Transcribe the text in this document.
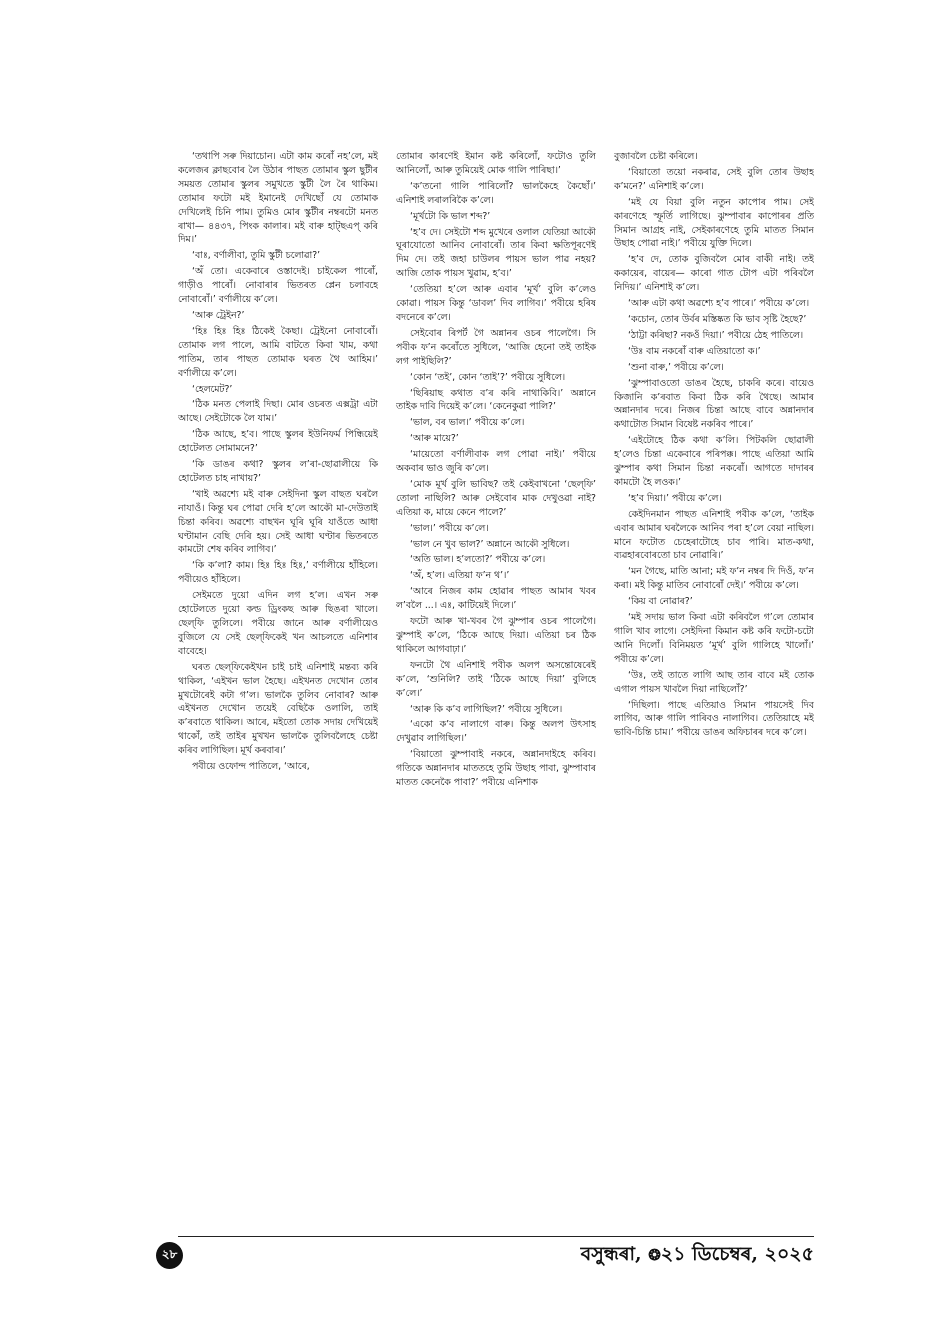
‘তথাপি সৰু দিয়াচোন। এটা কাম কৰোঁ নহ’লে, মই কলেজৰ ক্লাছবোৰ লৈ উঠাৰ পাছত তোমাৰ স্কুল ছুটীৰ সময়ত তোমাৰ স্কুলৰ সমুখতে স্কুটী লৈ ৰৈ থাকিম। তোমাৰ ফটো মই ইমানেই দেখিছোঁ যে তোমাক দেখিলেই চিনি পাম। তুমিও মোৰ স্কুটীৰ নম্বৰটো মনত ৰাখা— ৪৪৩৭, পিংক কালাৰ। মই বাৰু হাট্‌ছএপ্ কৰি দিম।’

‘বাঃ, বৰ্ণালীবা, তুমি স্কুটী চলোৱা?’

‘অঁ তো। একেবাৰে ওস্তাদেই। চাইকেল পাৰোঁ, গাড়ীও পাৰোঁ। নোবাৰাৰ ভিতৰত প্লেন চলাবহে নোবাৰোঁ।’ বৰ্ণালীয়ে ক’লে।

‘আৰু ট্ৰেইন?’

‘হিঃ হিঃ হিঃ ঠিকেই কৈছা। ট্ৰেইনো নোবাৰোঁ। তোমাক লগ পালে, আমি বাটতে কিবা খাম, কথা পাতিম, তাৰ পাছত তোমাক ঘৰত থৈ আহিম।’ বৰ্ণালীয়ে ক’লে।

‘হেলমেট?’

‘ঠিক মনত পেলাই দিছা। মোৰ ওচৰত এক্সট্ৰা এটা আছে। সেইটোকে লৈ যাম।’

‘ঠিক আছে, হ’ব। পাছে স্কুলৰ ইউনিফৰ্ম পিন্ধিয়েই হোটেলত সোমামনে?’

‘কি ডাঙৰ কথা? স্কুলৰ ল’ৰা-ছোৱালীয়ে কি হোটেলত চাহ নাখায়?’

‘খাই অৱশ্যে মই বাৰু সেইদিনা স্কুল বাছত ঘৰলৈ নাযাওঁ। কিন্তু ঘৰ পোৱা দেৰি হ’লে আকৌ মা-দেউতাই চিন্তা কৰিব। অৱশ্যে বাছখন ঘূৰি ঘূৰি যাওঁতে আধা ঘণ্টামান বেছি দেৰি হয়। সেই আধা ঘণ্টাৰ ভিতৰতে কামটো শেষ কৰিব লাগিব।’

‘কি ক’লা? কাম। হিঃ হিঃ হিঃ,’ বৰ্ণালীয়ে হাঁহিলে। পবীয়েও হাঁহিলে।

সেইমতে দুয়ো এদিন লগ হ’ল। এখন সৰু হোটেলতে দুয়ো কল্ড ড্ৰিংকছ আৰু ছিঙৰা খালে। ছেল্‌ফি তুলিলে। পবীয়ে জানে আৰু বৰ্ণালীয়েও বুজিলে যে সেই ছেল্‌ফিকেই খন আচলতে এনিশাৰ বাবেহে।

ঘৰত ছেল্‌ফিকেইখন চাই চাই এনিশাই মন্তব্য কৰি থাকিল, ‘এইখন ভাল হৈছে। এইখনত দেখোন তোৰ মুখটোৰেই কটা গ’ল। ভালকৈ তুলিব নোবাৰ? আৰু এইখনত দেখোন তয়েই বেছিকৈ ওলালি, তাই ক’ৰবাতে থাকিল। আৰে, মইতো তোক সদায় দেখিয়েই থাকোঁ, তই তাইৰ মুখখন ভালকৈ তুলিবলৈহে চেষ্টা কৰিব লাগিছিল। মূৰ্খ কৰবাৰ।’

পবীয়ে ওফোন্দ পাতিলে, ‘আৰে,

তোমাৰ কাৰণেই ইমান কষ্ট কৰিলোঁ, ফটোও তুলি আনিলোঁ, আৰু তুমিয়েই মোক গালি পাৰিছা।’

‘ক’তনো গালি পাৰিলোঁ? ভালকৈহে কৈছোঁ।’ এনিশাই লৰালৰিকৈ ক’লে।

‘মূৰ্খটো কি ভাল শব্দ?’

‘হ’ব দে। সেইটো শব্দ মুখেৰে ওলাল যেতিয়া আকৌ ঘূৰাযোতো আনিব নোবাৰোঁ। তাৰ কিবা ক্ষতিপূৰণেই দিম দে। তই জহা চাউলৰ পায়স ভাল পাৱ নহয়? আজি তোক পায়স খুৱাম, হ’ব।’

‘তেতিয়া হ’লে আৰু এবাৰ ‘মূৰ্খ’ বুলি ক’লেও কোৱা। পায়স কিন্তু ‘ডাবল’ দিব লাগিব।’ পবীয়ে হৰিষ বদনেৰে ক’লে।

সেইবোৰ ৰিপৰ্ট গৈ অন্নানৰ ওচৰ পালেগৈ। সি পবীক ফ’ন কৰোঁতে সুধিলে, ‘আজি হেনো তই তাইক লগ পাইছিলি?’

‘কোন ‘তই’, কোন ‘তাই’?’ পবীয়ে সুধিলে।

‘ছিৰিয়াছ কথাত ব’ৰ কৰি নাথাকিবি।’ অন্নানে তাইক দাবি দিয়েই ক’লে। ‘কেনেকুৱা পালি?’

‘ভাল, বৰ ভাল।’ পবীয়ে ক’লে।

‘আৰু মায়ে?’

‘মায়েতো বৰ্ণালীবাক লগ পোৱা নাই।’ পবীয়ে অকবাৰ ভাও জুৰি ক’লে।

‘মোক মূৰ্খ বুলি ভাবিছ? তই কেইবাখনো ‘ছেল্‌ফি’ তোলা নাছিলি? আৰু সেইবোৰ মাক দেখুওৱা নাই? এতিয়া ক, মায়ে কেনে পালে?’

‘ভাল।’ পবীয়ে ক’লে।

‘ভাল নে খুব ভাল?’ অন্নানে আকৌ সুধিলে।

‘অতি ভাল। হ’লতো?’ পবীয়ে ক’লে।

‘অঁ, হ’ল। এতিয়া ফ’ন থ’।’

‘আৰে নিজৰ কাম হোৱাৰ পাছত আমাৰ খবৰ ল’বলৈ ...। এঃ, কাটিয়েই দিলে।’

ফটো আৰু খা-খবৰ গৈ ঝুম্পাৰ ওচৰ পালেগৈ। ঝুম্পাই ক’লে, ‘ঠিকে আছে দিয়া। এতিয়া চৰ ঠিক থাকিলে আগবাঢ়া।’

ফনটো থৈ এনিশাই পবীক অলপ অসন্তোষেৰেই ক’লে, ‘শুনিলি? তাই ‘ঠিকে আছে দিয়া’ বুলিহে ক’লে।’

‘আৰু কি ক’ব লাগিছিল?’ পবীয়ে সুধিলে।

‘একো ক’ব নালাগে বাৰু। কিন্তু অলপ উৎসাহ দেখুৱাব লাগিছিল।’

‘বিয়াতো ঝুম্পাবাই নকৰে, অন্নানদাইহে কৰিব। গতিকে অন্নানদাৰ মাততহে তুমি উছাহ পাবা, ঝুম্পাবাৰ মাতত কেনেকৈ পাবা?’ পবীয়ে এনিশাক

বুজাবলৈ চেষ্টা কৰিলে।

‘বিয়াতো তয়ো নকৰাৱ, সেই বুলি তোৰ উছাহ ক’মনে?’ এনিশাই ক’লে।

‘মই যে বিয়া বুলি নতুন কাপোৰ পাম। সেই কাৰণেহে স্ফূৰ্তি লাগিছে। ঝুম্পাবাৰ কাপোৰৰ প্ৰতি সিমান আগ্ৰহ নাই, সেইকাৰণেহে তুমি মাতত সিমান উছাহ পোৱা নাই।’ পবীয়ে যুক্তি দিলে।

‘হ’ব দে, তোক বুজিবলৈ মোৰ বাকী নাই। তই ককায়েৰ, বায়েৰ— কাৰো গাত টোপ এটা পৰিবলৈ নিদিয়।’ এনিশাই ক’লে।

‘আৰু এটা কথা অৱশ্যে হ’ব পাৰে।’ পবীয়ে ক’লে।

‘কচোন, তোৰ উৰ্বৰ মস্তিষ্কত কি ভাব সৃষ্টি হৈছে?’

‘ঠাট্টা কৰিছা? নকওঁ দিয়া।’ পবীয়ে ঠেহ পাতিলে।

‘উঃ বাম নকৰোঁ বাৰু এতিয়াতো ক।’

‘শুনা বাৰু,’ পবীয়ে ক’লে।

‘ঝুম্পাবাওতো ডাঙৰ হৈছে, চাকৰি কৰে। বায়েও কিজানি ক’ৰবাত কিবা ঠিক কৰি থৈছে। আমাৰ অন্নানদাৰ দৰে। নিজৰ চিন্তা আছে বাবে অন্নানদাৰ কথাটোত সিমান বিষেষ্ট নকৰিব পাৰে।’

‘এইটোহে ঠিক কথা ক’লি। পিটকলি ছোৱালী হ’লেও চিন্তা একেবাৰে পৰিপক্ক। পাছে এতিয়া আমি ঝুম্পাৰ কথা সিমান চিন্তা নকৰোঁ। আগতে দাদাৰৰ কামটো হৈ লওক।’

‘হ’ব দিয়া।’ পবীয়ে ক’লে।

কেইদিনমান পাছত এনিশাই পবীক ক’লে, ‘তাইক এবাৰ আমাৰ ঘৰলৈকে আনিব পৰা হ’লে বেয়া নাছিল। মানে ফটোত চেহেৰাটোহে চাব পাৰি। মাত-কথা, ব্যৱহাৰবোৰতো চাব নোৱাৰি।’

‘মন গৈছে, মাতি আনা; মই ফ’ন নম্বৰ দি দিওঁ, ফ’ন কৰা। মই কিন্তু মাতিব নোবাৰোঁ দেই।’ পবীয়ে ক’লে।

‘কিয় বা নোৱাৰ?’

‘মই সদায় ভাল কিবা এটা কৰিবলৈ গ’লে তোমাৰ গালি খাব লাগে। সেইদিনা কিমান কষ্ট কৰি ফটো-চটো আনি দিলোঁ। বিনিময়ত ‘মূৰ্খ’ বুলি গালিহে খালোঁ।’ পবীয়ে ক’লে।

‘উঃ, তই তাতে লাগি আছ তাৰ বাবে মই তোক এগাল পায়স খাবলৈ দিয়া নাছিলোঁ?’

‘দিছিলা। পাছে এতিয়াও সিমান পায়সেই দিব লাগিব, আৰু গালি পাৰিবও নালাগিব। তেতিয়াহে মই ভাবি-চিন্তি চাম।’ পবীয়ে ডাঙৰ অফিচাৰৰ দৰে ক’লে।

২৮	বসুন্ধৰা, ❂২১ ডিচেম্বৰ, ২০২৫
